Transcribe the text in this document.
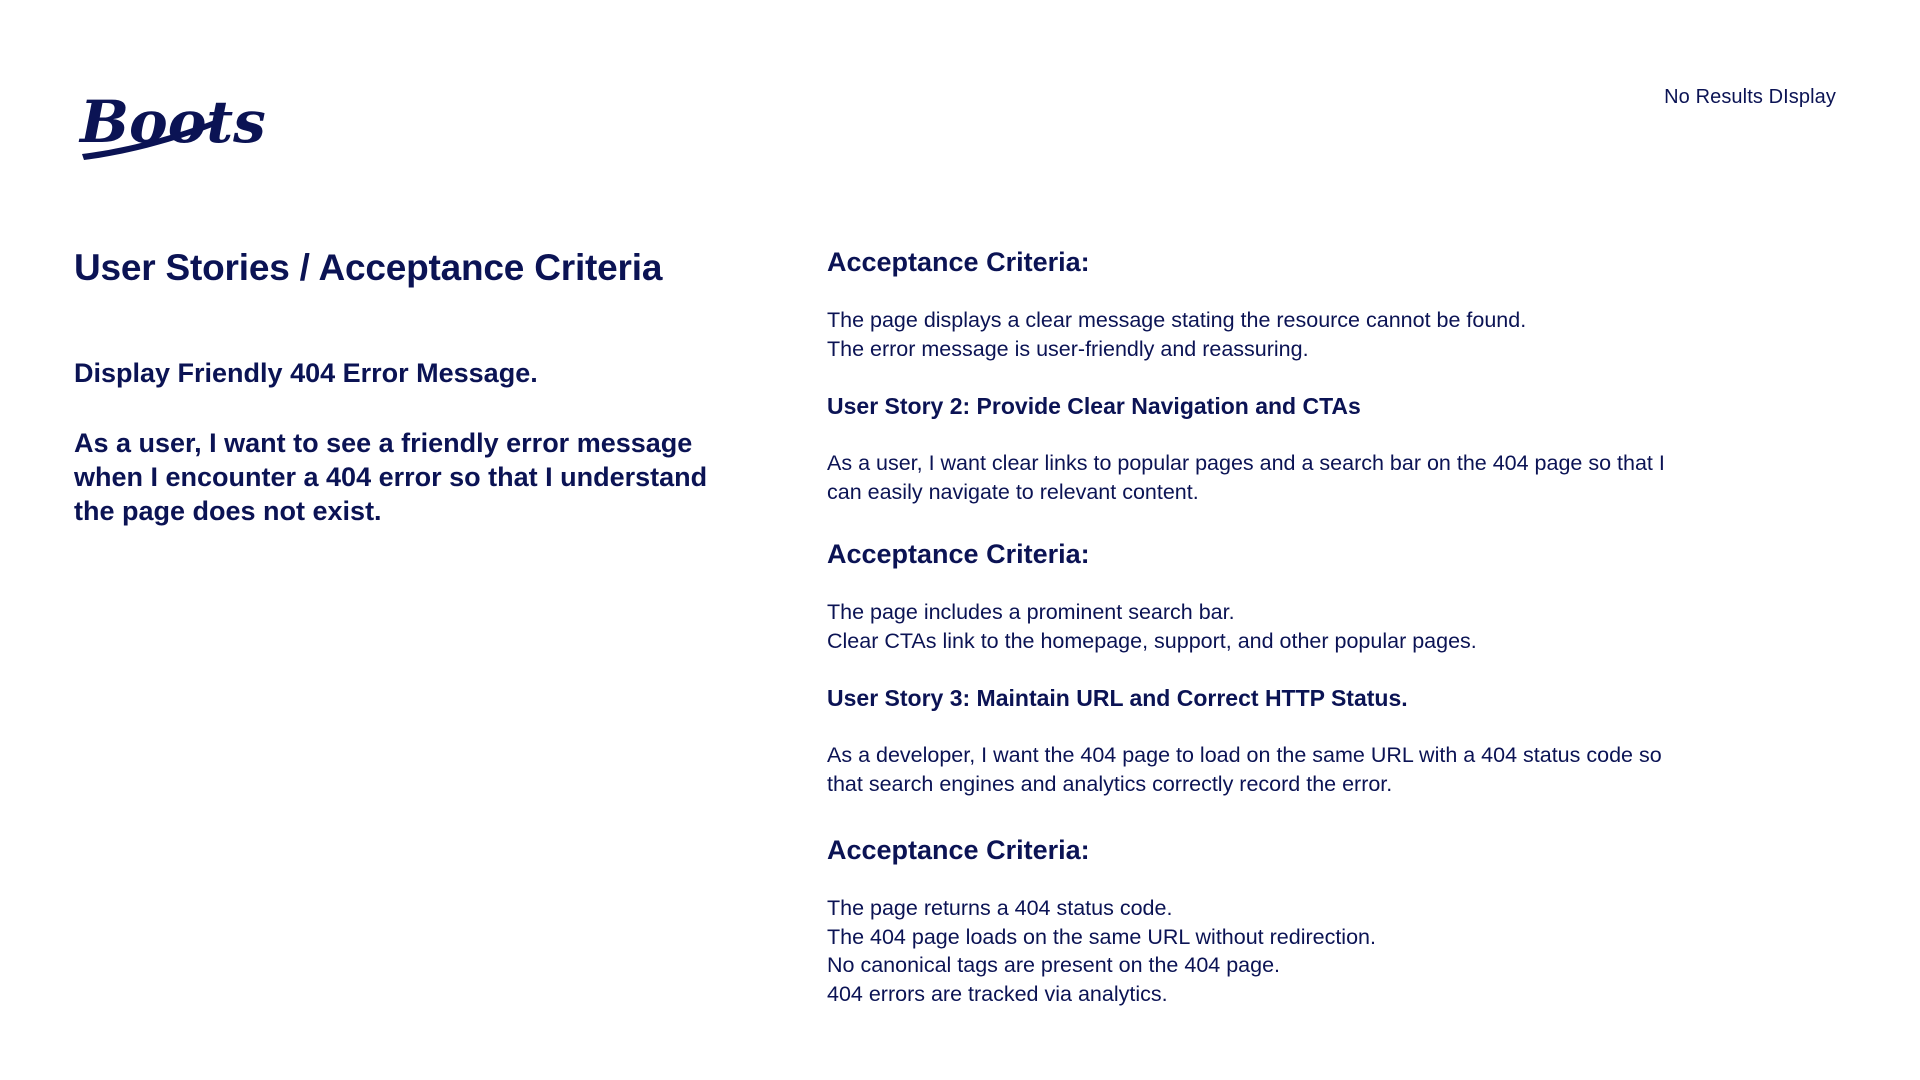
Boots	No Results DIsplay
User Stories / Acceptance Criteria
Display Friendly 404 Error Message.

As a user, I want to see a friendly error message when I encounter a 404 error so that I understand the page does not exist.

Acceptance Criteria:

The page displays a clear message stating the resource cannot be found.
The error message is user-friendly and reassuring.

User Story 2: Provide Clear Navigation and CTAs

As a user, I want clear links to popular pages and a search bar on the 404 page so that I
can easily navigate to relevant content.

Acceptance Criteria:

The page includes a prominent search bar.
Clear CTAs link to the homepage, support, and other popular pages.

User Story 3: Maintain URL and Correct HTTP Status.

As a developer, I want the 404 page to load on the same URL with a 404 status code so
that search engines and analytics correctly record the error.

Acceptance Criteria:

The page returns a 404 status code.
The 404 page loads on the same URL without redirection.
No canonical tags are present on the 404 page.
404 errors are tracked via analytics.
